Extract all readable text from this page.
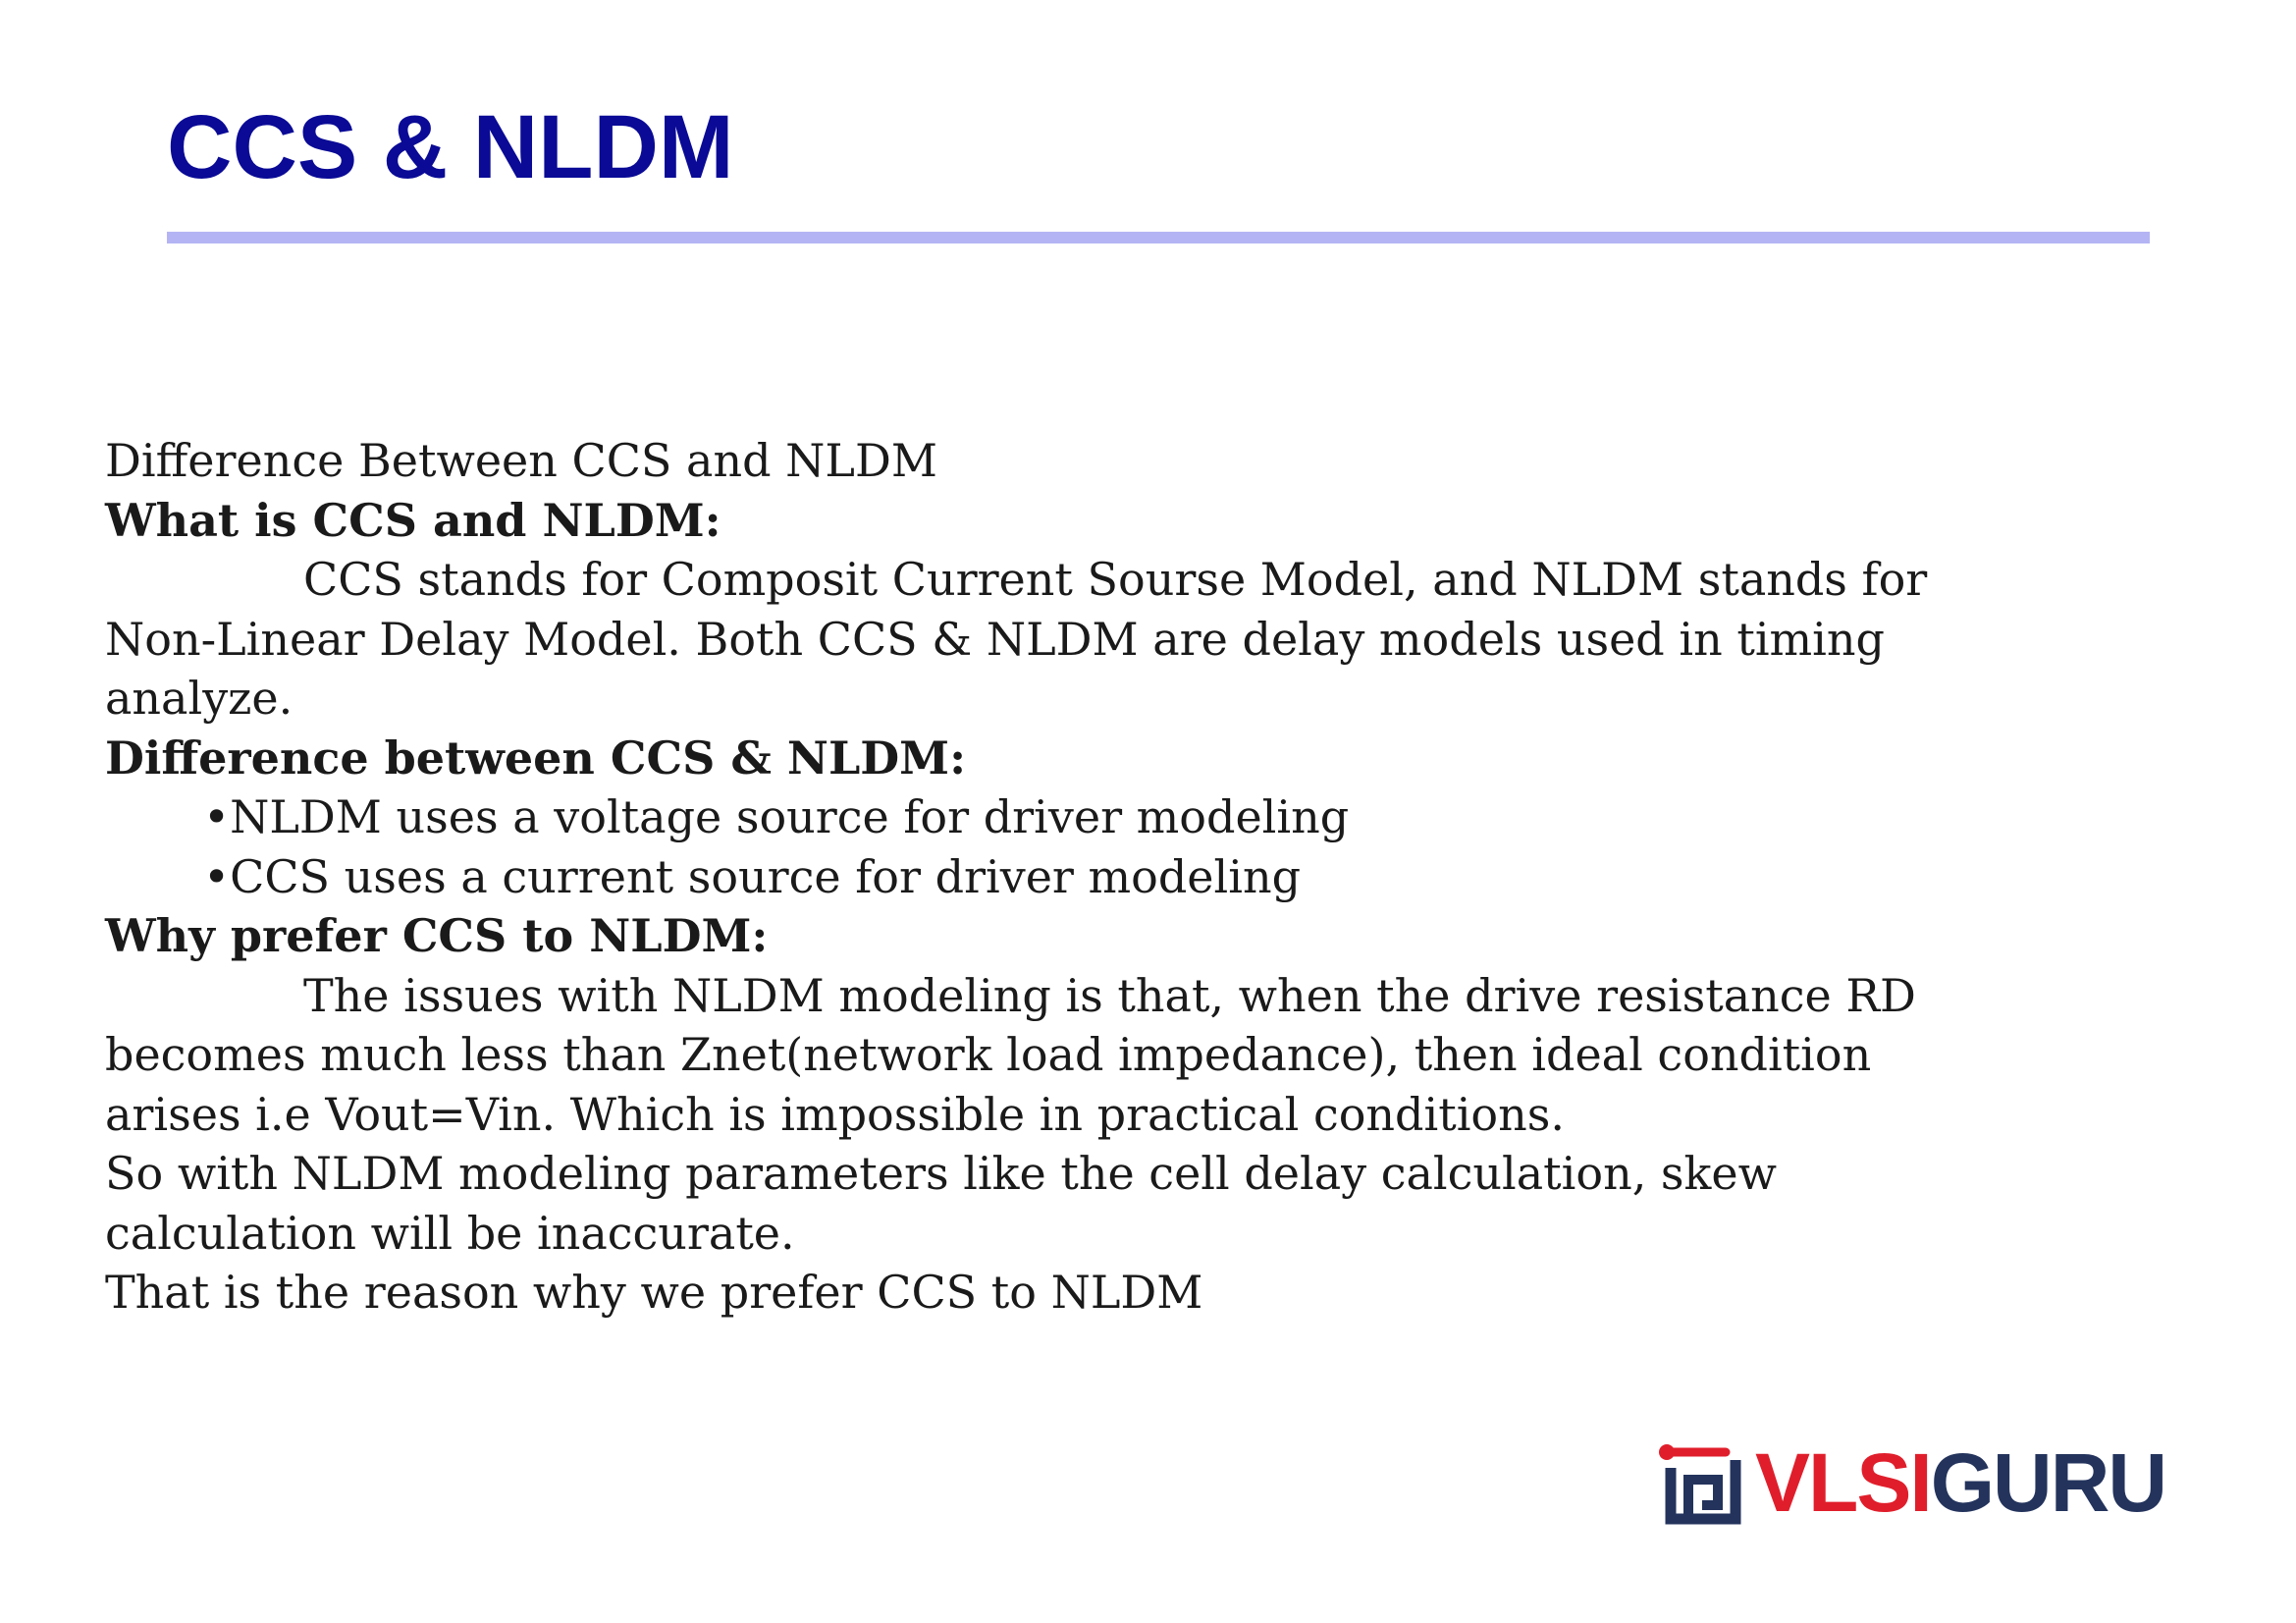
CCS & NLDM
Difference Between CCS and NLDM
What is CCS and NLDM:
CCS stands for Composit Current Sourse Model, and NLDM stands for
Non-Linear Delay Model. Both CCS & NLDM are delay models used in timing
analyze.
Difference between CCS & NLDM:
•NLDM uses a voltage source for driver modeling
•CCS uses a current source for driver modeling
Why prefer CCS to NLDM:
The issues with NLDM modeling is that, when the drive resistance RD
becomes much less than Znet(network load impedance), then ideal condition
arises i.e Vout=Vin. Which is impossible in practical conditions.
So with NLDM modeling parameters like the cell delay calculation, skew
calculation will be inaccurate.
That is the reason why we prefer CCS to NLDM
VLSIGURU
